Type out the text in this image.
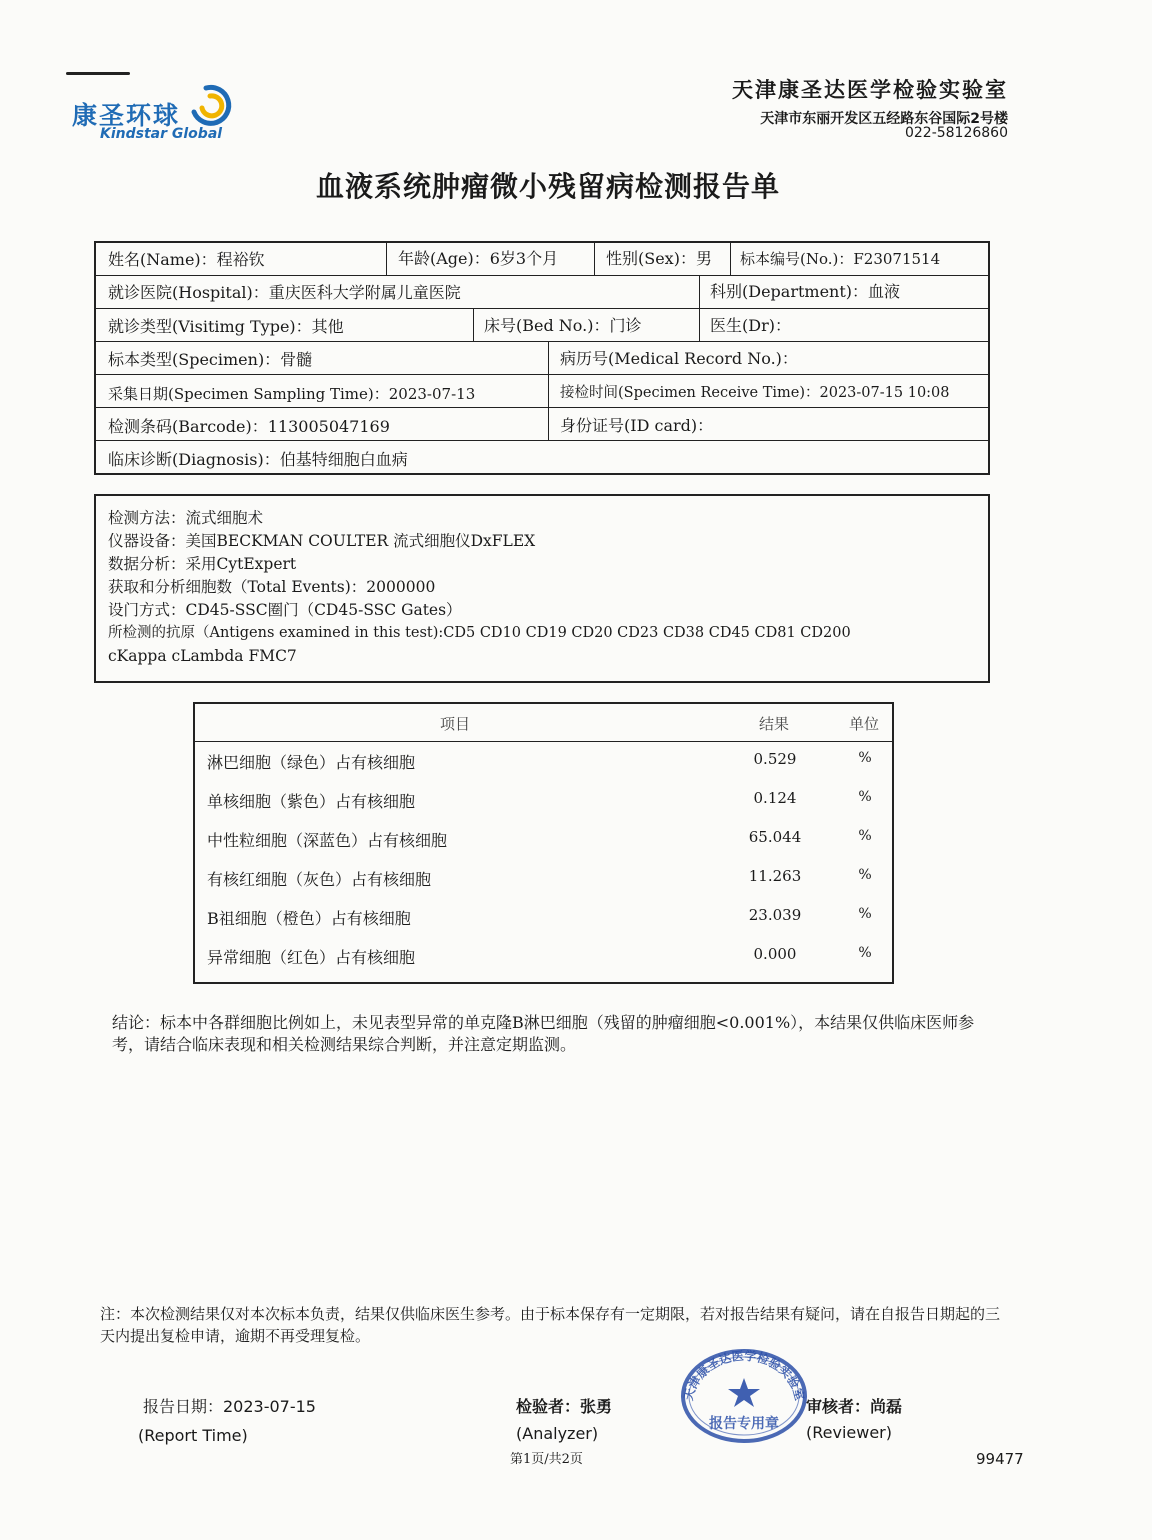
康圣环球
Kindstar Global
天津康圣达医学检验实验室
天津市东丽开发区五经路东谷国际2号楼
022-58126860
血液系统肿瘤微小残留病检测报告单
姓名(Name)：程裕钦	年龄(Age)：6岁3个月	性别(Sex)：男 标本编号(No.)：F23071514
就诊医院(Hospital)：重庆医科大学附属儿童医院	科别(Department)：血液
就诊类型(Visitimg Type)：其他	床号(Bed No.)：门诊	医生(Dr)：
标本类型(Specimen)：骨髓	病历号(Medical Record No.)：
采集日期(Specimen Sampling Time)：2023-07-13	接检时间(Specimen Receive Time)：2023-07-15 10:08
检测条码(Barcode)：113005047169	身份证号(ID card)：
临床诊断(Diagnosis)：伯基特细胞白血病
检测方法：流式细胞术
仪器设备：美国BECKMAN COULTER 流式细胞仪DxFLEX
数据分析：采用CytExpert
获取和分析细胞数（Total Events)：2000000
设门方式：CD45-SSC圈门（CD45-SSC Gates）
所检测的抗原（Antigens examined in this test):CD5 CD10 CD19 CD20 CD23 CD38 CD45 CD81 CD200
cKappa cLambda FMC7
项目	结果	单位
淋巴细胞（绿色）占有核细胞	0.529	%
单核细胞（紫色）占有核细胞	0.124	%
中性粒细胞（深蓝色）占有核细胞	65.044	%
有核红细胞（灰色）占有核细胞	11.263	%
B祖细胞（橙色）占有核细胞	23.039	%
异常细胞（红色）占有核细胞	0.000	%
结论：标本中各群细胞比例如上，未见表型异常的单克隆B淋巴细胞（残留的肿瘤细胞<0.001%），本结果仅供临床医师参考，请结合临床表现和相关检测结果综合判断，并注意定期监测。
注：本次检测结果仅对本次标本负责，结果仅供临床医生参考。由于标本保存有一定期限，若对报告结果有疑问，请在自报告日期起的三天内提出复检申请，逾期不再受理复检。
报告日期：2023-07-15
(Report Time)
检验者：张勇
(Analyzer)
第1页/共2页
天津康圣达医学检验实验室
报告专用章
审核者：尚磊
(Reviewer)
99477
